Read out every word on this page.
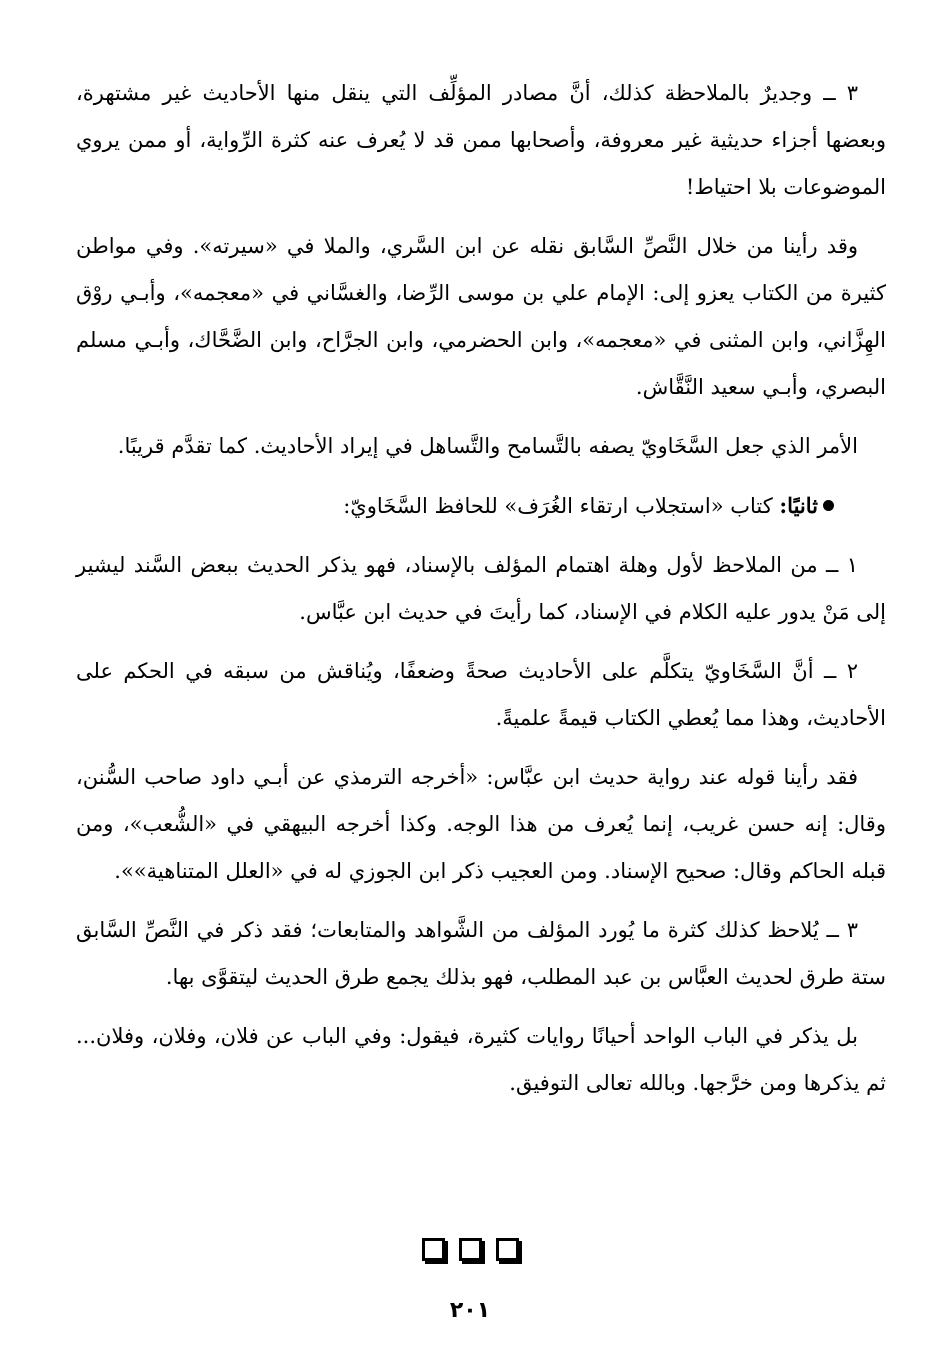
٣ ــ وجديرٌ بالملاحظة كذلك، أنَّ مصادر المؤلِّف التي ينقل منها الأحاديث غير مشتهرة، وبعضها أجزاء حديثية غير معروفة، وأصحابها ممن قد لا يُعرف عنه كثرة الرِّواية، أو ممن يروي الموضوعات بلا احتياط!

وقد رأينا من خلال النَّصِّ السَّابق نقله عن ابن السَّري، والملا في «سيرته». وفي مواطن كثيرة من الكتاب يعزو إلى: الإمام علي بن موسى الرِّضا، والغسَّاني في «معجمه»، وأبـي روْق الهِزَّاني، وابن المثنى في «معجمه»، وابن الحضرمي، وابن الجرَّاح، وابن الضَّحَّاك، وأبـي مسلم البصري، وأبـي سعيد النَّقَّاش.

الأمر الذي جعل السَّخَاويّ يصفه بالتَّسامح والتَّساهل في إيراد الأحاديث. كما تقدَّم قريبًا.

ثانيًا: كتاب «استجلاب ارتقاء الغُرَف» للحافظ السَّخَاويّ:

١ ــ من الملاحظ لأول وهلة اهتمام المؤلف بالإسناد، فهو يذكر الحديث ببعض السَّند ليشير إلى مَنْ يدور عليه الكلام في الإسناد، كما رأيتَ في حديث ابن عبَّاس.

٢ ــ أنَّ السَّخَاويّ يتكلَّم على الأحاديث صحةً وضعفًا، ويُناقش من سبقه في الحكم على الأحاديث، وهذا مما يُعطي الكتاب قيمةً علميةً.

فقد رأينا قوله عند رواية حديث ابن عبَّاس: «أخرجه الترمذي عن أبـي داود صاحب السُّنن، وقال: إنه حسن غريب، إنما يُعرف من هذا الوجه. وكذا أخرجه البيهقي في «الشُّعب»، ومن قبله الحاكم وقال: صحيح الإسناد. ومن العجيب ذكر ابن الجوزي له في «العلل المتناهية»».

٣ ــ يُلاحظ كذلك كثرة ما يُورد المؤلف من الشَّواهد والمتابعات؛ فقد ذكر في النَّصِّ السَّابق ستة طرق لحديث العبَّاس بن عبد المطلب، فهو بذلك يجمع طرق الحديث ليتقوَّى بها.

بل يذكر في الباب الواحد أحيانًا روايات كثيرة، فيقول: وفي الباب عن فلان، وفلان، وفلان... ثم يذكرها ومن خرَّجها. وبالله تعالى التوفيق.

٢٠١
